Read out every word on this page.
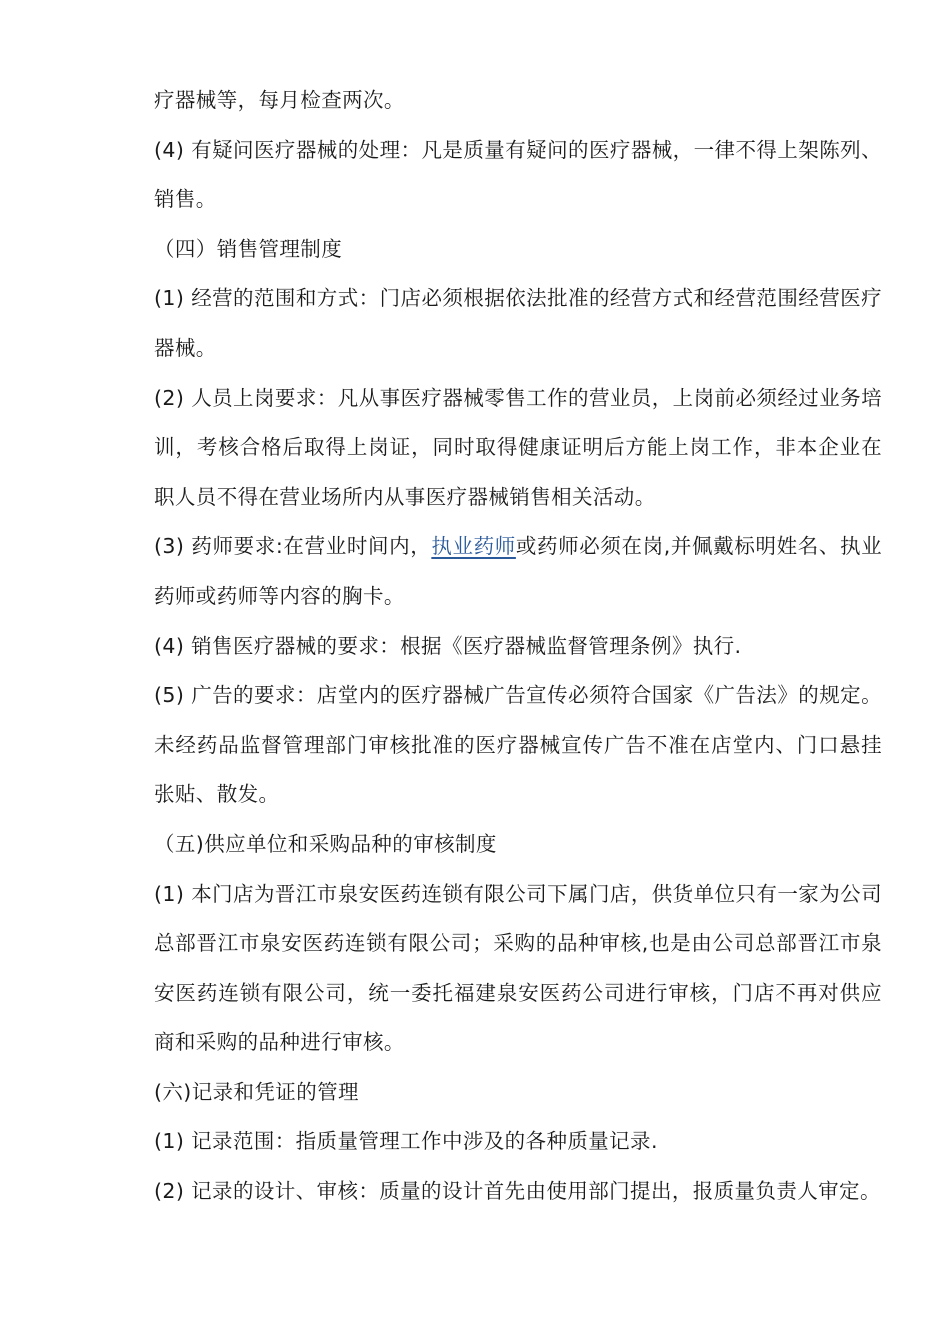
疗器械等，每月检查两次。

(4) 有疑问医疗器械的处理：凡是质量有疑问的医疗器械，一律不得上架陈列、销售。

（四）销售管理制度

(1) 经营的范围和方式：门店必须根据依法批准的经营方式和经营范围经营医疗器械。

(2) 人员上岗要求：凡从事医疗器械零售工作的营业员，上岗前必须经过业务培训，考核合格后取得上岗证，同时取得健康证明后方能上岗工作，非本企业在职人员不得在营业场所内从事医疗器械销售相关活动。

(3) 药师要求:在营业时间内，执业药师或药师必须在岗,并佩戴标明姓名、执业药师或药师等内容的胸卡。

(4) 销售医疗器械的要求：根据《医疗器械监督管理条例》执行.

(5) 广告的要求：店堂内的医疗器械广告宣传必须符合国家《广告法》的规定。未经药品监督管理部门审核批准的医疗器械宣传广告不准在店堂内、门口悬挂张贴、散发。

（五)供应单位和采购品种的审核制度

(1) 本门店为晋江市泉安医药连锁有限公司下属门店，供货单位只有一家为公司总部晋江市泉安医药连锁有限公司；采购的品种审核,也是由公司总部晋江市泉安医药连锁有限公司，统一委托福建泉安医药公司进行审核，门店不再对供应商和采购的品种进行审核。

(六)记录和凭证的管理

(1) 记录范围：指质量管理工作中涉及的各种质量记录.

(2) 记录的设计、审核：质量的设计首先由使用部门提出，报质量负责人审定。
